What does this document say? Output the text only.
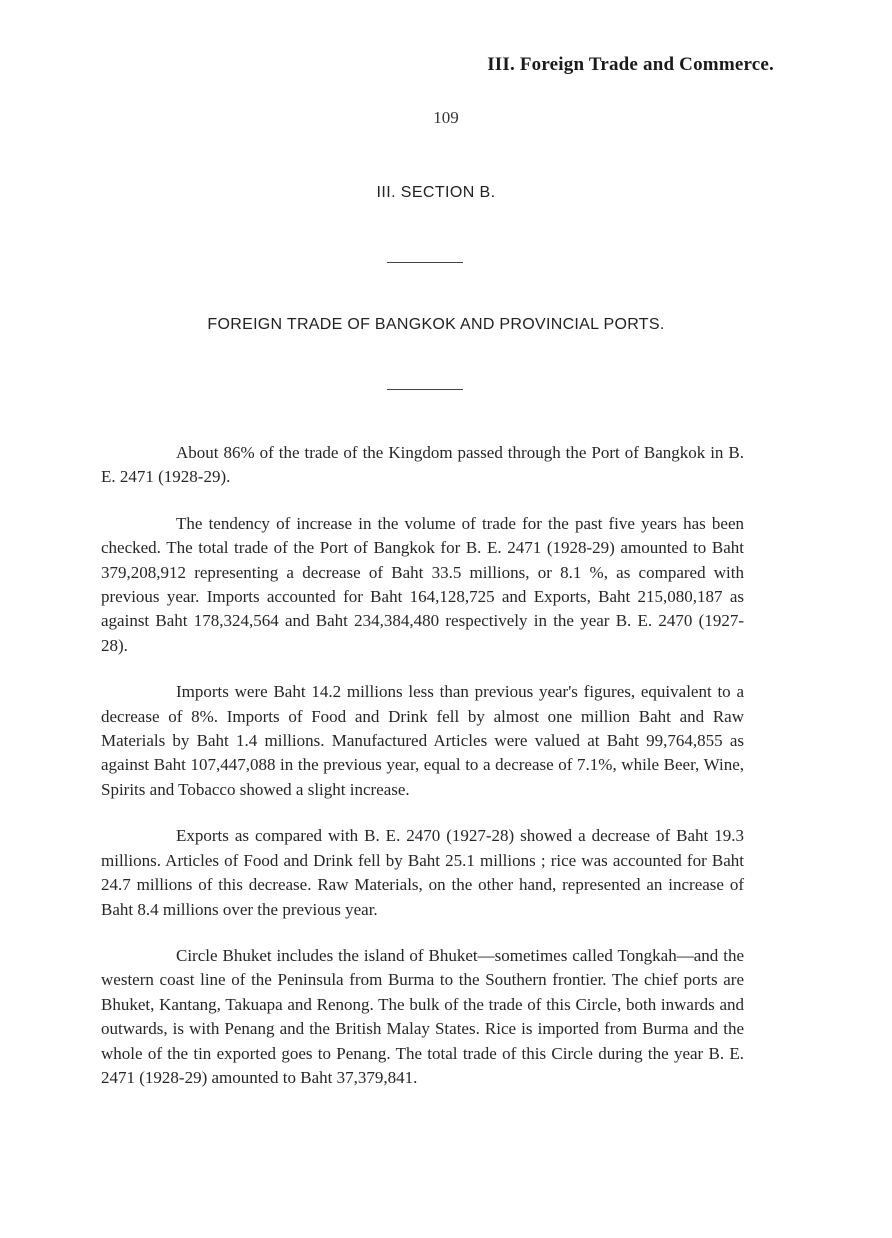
III. Foreign Trade and Commerce.
109
III. SECTION B.
FOREIGN TRADE OF BANGKOK AND PROVINCIAL PORTS.

About 86% of the trade of the Kingdom passed through the Port of Bangkok in B. E. 2471 (1928-29).

The tendency of increase in the volume of trade for the past five years has been checked. The total trade of the Port of Bangkok for B. E. 2471 (1928-29) amounted to Baht 379,208,912 representing a decrease of Baht 33.5 millions, or 8.1 %, as compared with previous year. Imports accounted for Baht 164,128,725 and Exports, Baht 215,080,187 as against Baht 178,324,564 and Baht 234,384,480 respectively in the year B. E. 2470 (1927-28).

Imports were Baht 14.2 millions less than previous year's figures, equivalent to a decrease of 8%. Imports of Food and Drink fell by almost one million Baht and Raw Materials by Baht 1.4 millions. Manufactured Articles were valued at Baht 99,764,855 as against Baht 107,447,088 in the previous year, equal to a decrease of 7.1%, while Beer, Wine, Spirits and Tobacco showed a slight increase.

Exports as compared with B. E. 2470 (1927-28) showed a decrease of Baht 19.3 millions. Articles of Food and Drink fell by Baht 25.1 millions ; rice was accounted for Baht 24.7 millions of this decrease. Raw Materials, on the other hand, represented an increase of Baht 8.4 millions over the previous year.

Circle Bhuket includes the island of Bhuket—sometimes called Tongkah—and the western coast line of the Peninsula from Burma to the Southern frontier. The chief ports are Bhuket, Kantang, Takuapa and Renong. The bulk of the trade of this Circle, both inwards and outwards, is with Penang and the British Malay States. Rice is imported from Burma and the whole of the tin exported goes to Penang. The total trade of this Circle during the year B. E. 2471 (1928-29) amounted to Baht 37,379,841.
